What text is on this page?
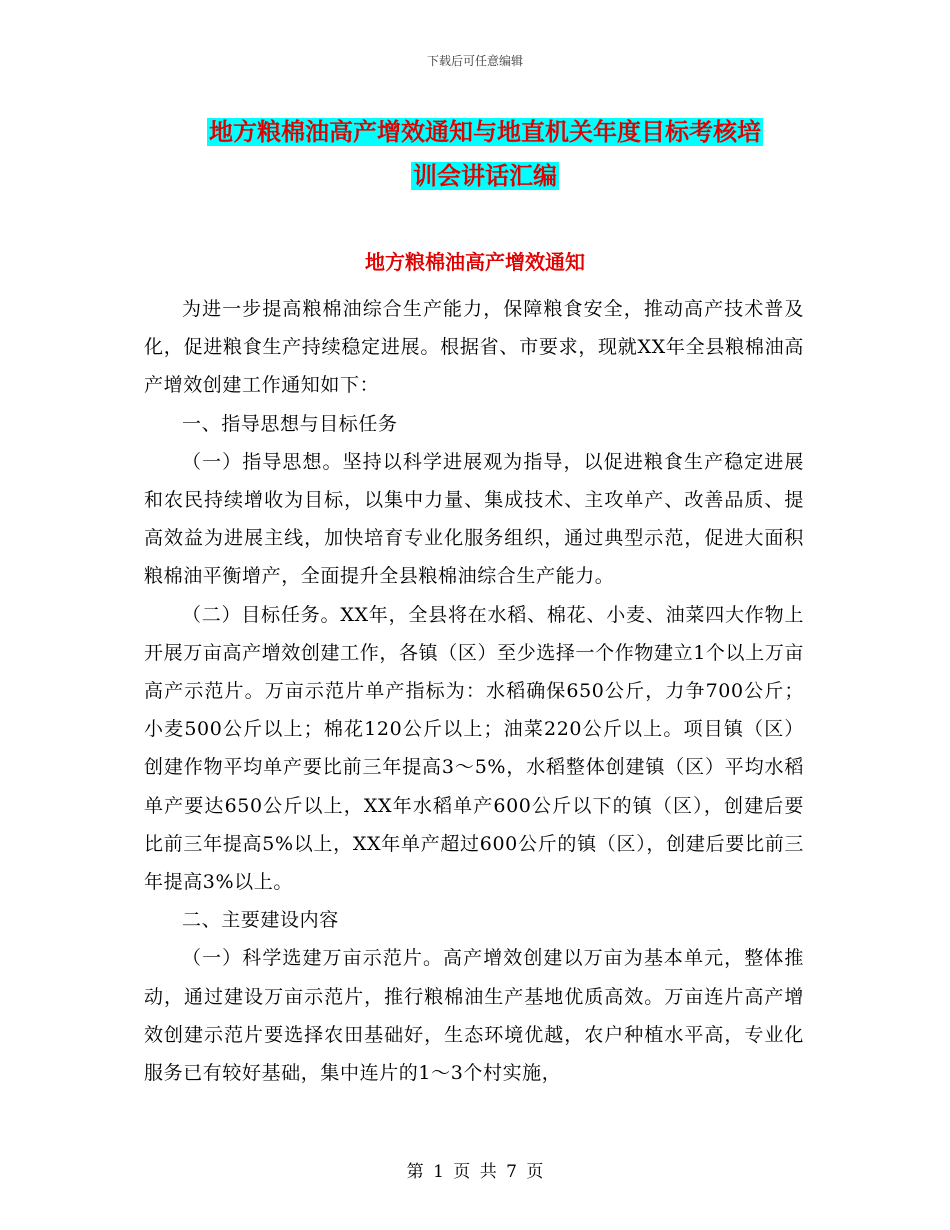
下载后可任意编辑
地方粮棉油高产增效通知与地直机关年度目标考核培
训会讲话汇编
地方粮棉油高产增效通知

为进一步提高粮棉油综合生产能力，保障粮食安全，推动高产技术普及化，促进粮食生产持续稳定进展。根据省、市要求，现就XX年全县粮棉油高产增效创建工作通知如下：

一、指导思想与目标任务

（一）指导思想。坚持以科学进展观为指导，以促进粮食生产稳定进展和农民持续增收为目标，以集中力量、集成技术、主攻单产、改善品质、提高效益为进展主线，加快培育专业化服务组织，通过典型示范，促进大面积粮棉油平衡增产，全面提升全县粮棉油综合生产能力。

（二）目标任务。XX年，全县将在水稻、棉花、小麦、油菜四大作物上开展万亩高产增效创建工作，各镇（区）至少选择一个作物建立1个以上万亩高产示范片。万亩示范片单产指标为：水稻确保650公斤，力争700公斤；小麦500公斤以上；棉花120公斤以上；油菜220公斤以上。项目镇（区）创建作物平均单产要比前三年提高3～5%，水稻整体创建镇（区）平均水稻单产要达650公斤以上，XX年水稻单产600公斤以下的镇（区），创建后要比前三年提高5%以上，XX年单产超过600公斤的镇（区），创建后要比前三年提高3%以上。

二、主要建设内容

（一）科学选建万亩示范片。高产增效创建以万亩为基本单元，整体推动，通过建设万亩示范片，推行粮棉油生产基地优质高效。万亩连片高产增效创建示范片要选择农田基础好，生态环境优越，农户种植水平高，专业化服务已有较好基础，集中连片的1～3个村实施，

第 1 页 共 7 页
